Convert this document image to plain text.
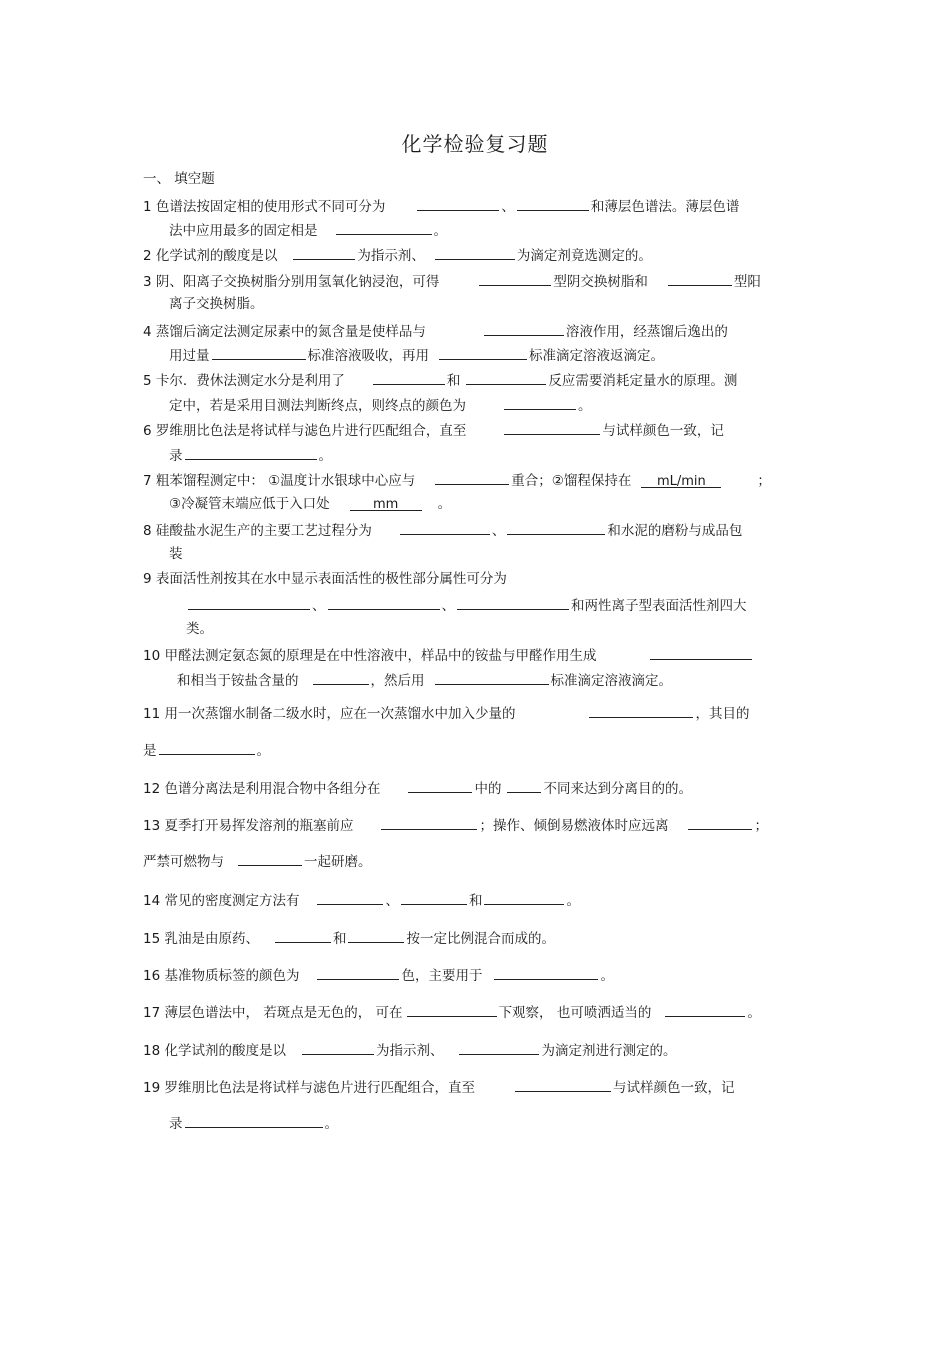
化学检验复习题
一、 填空题
1 色谱法按固定相的使用形式不同可分为	、	和薄层色谱法。薄层色谱
法中应用最多的固定相是	。
2 化学试剂的酸度是以	为指示剂、	为滴定剂竟选测定的。
3 阴、阳离子交换树脂分别用氢氧化钠浸泡，可得	型阴交换树脂和	型阳
离子交换树脂。
4 蒸馏后滴定法测定尿素中的氮含量是使样品与	溶液作用，经蒸馏后逸出的
用过量	标准溶液吸收，再用	标准滴定溶液返滴定。
5 卡尔．费休法测定水分是利用了	和	反应需要消耗定量水的原理。测
定中，若是采用目测法判断终点，则终点的颜色为	。
6 罗维朋比色法是将试样与滤色片进行匹配组合，直至	与试样颜色一致，记
录	。
7 粗苯馏程测定中： ①温度计水银球中心应与	重合；②馏程保持在 mL/min	；
③冷凝管末端应低于入口处	mm	。
8 硅酸盐水泥生产的主要工艺过程分为	、	和水泥的磨粉与成品包
装
9 表面活性剂按其在水中显示表面活性的极性部分属性可分为
、	、	和两性离子型表面活性剂四大
类。
10 甲醛法测定氨态氮的原理是在中性溶液中，样品中的铵盐与甲醛作用生成
和相当于铵盐含量的	，然后用	标准滴定溶液滴定。
11 用一次蒸馏水制备二级水时，应在一次蒸馏水中加入少量的	，其目的
是	。
12 色谱分离法是利用混合物中各组分在	中的	不同来达到分离目的的。
13 夏季打开易挥发溶剂的瓶塞前应	；操作、倾倒易燃液体时应远离	；
严禁可燃物与	一起研磨。
14 常见的密度测定方法有	、	和	。
15 乳油是由原药、	和	按一定比例混合而成的。
16 基准物质标签的颜色为	色，主要用于	。
17 薄层色谱法中， 若斑点是无色的， 可在	下观察， 也可喷洒适当的	。
18 化学试剂的酸度是以	为指示剂、	为滴定剂进行测定的。
19 罗维朋比色法是将试样与滤色片进行匹配组合，直至	与试样颜色一致，记
录	。
